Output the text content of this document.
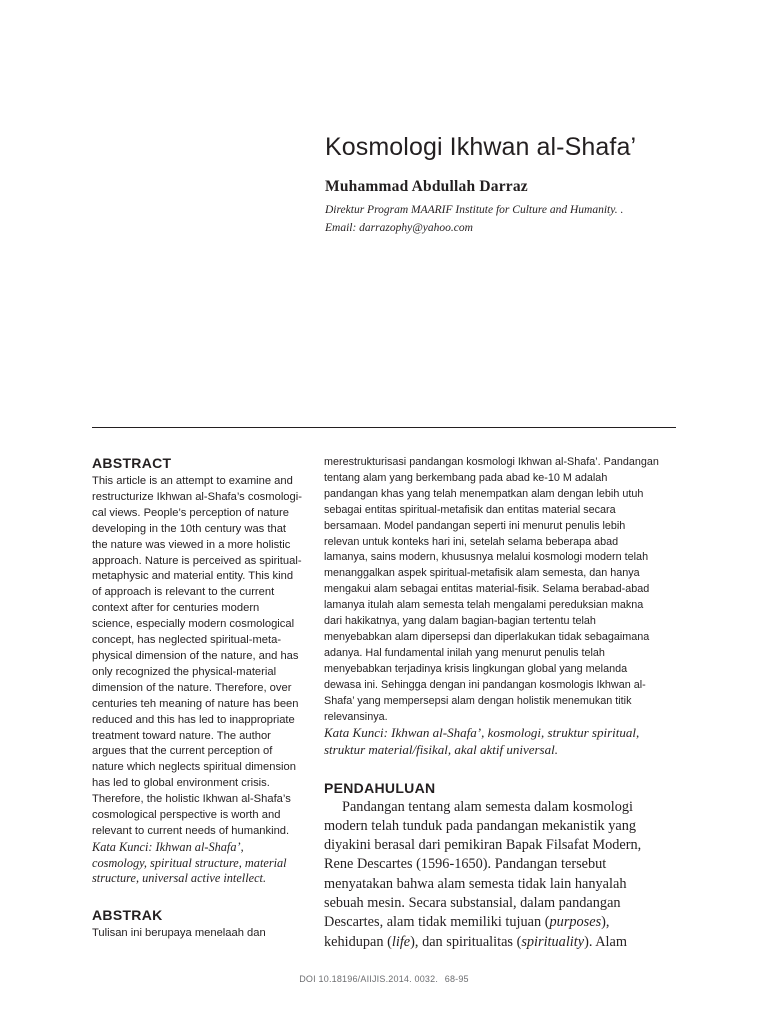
Kosmologi Ikhwan al-Shafa’
Muhammad Abdullah Darraz
Direktur Program MAARIF Institute for Culture and Humanity. .
Email: darrazophy@yahoo.com
ABSTRACT
This article is an attempt to examine and
restructurize Ikhwan al-Shafa’s cosmologi-
cal views. People’s perception of nature
developing in the 10th century was that
the nature was viewed in a more holistic
approach. Nature is perceived as spiritual-
metaphysic and material entity. This kind
of approach is relevant to the current
context after for centuries modern
science, especially modern cosmological
concept, has neglected spiritual-meta-
physical dimension of the nature, and has
only recognized the physical-material
dimension of the nature. Therefore, over
centuries teh meaning of nature has been
reduced and this has led to inappropriate
treatment toward nature. The author
argues that the current perception of
nature which neglects spiritual dimension
has led to global environment crisis.
Therefore, the holistic Ikhwan al-Shafa’s
cosmological perspective is worth and
relevant to current needs of humankind.
Kata Kunci: Ikhwan al-Shafa’,
cosmology, spiritual structure, material
structure, universal active intellect.
ABSTRAK
Tulisan ini berupaya menelaah dan
merestrukturisasi pandangan kosmologi Ikhwan al-Shafa’. Pandangan
tentang alam yang berkembang pada abad ke-10 M adalah
pandangan khas yang telah menempatkan alam dengan lebih utuh
sebagai entitas spiritual-metafisik dan entitas material secara
bersamaan. Model pandangan seperti ini menurut penulis lebih
relevan untuk konteks hari ini, setelah selama beberapa abad
lamanya, sains modern, khususnya melalui kosmologi modern telah
menanggalkan aspek spiritual-metafisik alam semesta, dan hanya
mengakui alam sebagai entitas material-fisik. Selama berabad-abad
lamanya itulah alam semesta telah mengalami pereduksian makna
dari hakikatnya, yang dalam bagian-bagian tertentu telah
menyebabkan alam dipersepsi dan diperlakukan tidak sebagaimana
adanya. Hal fundamental inilah yang menurut penulis telah
menyebabkan terjadinya krisis lingkungan global yang melanda
dewasa ini. Sehingga dengan ini pandangan kosmologis Ikhwan al-
Shafa’ yang mempersepsi alam dengan holistik menemukan titik
relevansinya.
Kata Kunci: Ikhwan al-Shafa’, kosmologi, struktur spiritual,
struktur material/fisikal, akal aktif universal.
PENDAHULUAN
Pandangan tentang alam semesta dalam kosmologi
modern telah tunduk pada pandangan mekanistik yang
diyakini berasal dari pemikiran Bapak Filsafat Modern,
Rene Descartes (1596-1650). Pandangan tersebut
menyatakan bahwa alam semesta tidak lain hanyalah
sebuah mesin. Secara substansial, dalam pandangan
Descartes, alam tidak memiliki tujuan (purposes),
kehidupan (life), dan spiritualitas (spirituality). Alam
DOI 10.18196/AIIJIS.2014. 0032. 68-95
